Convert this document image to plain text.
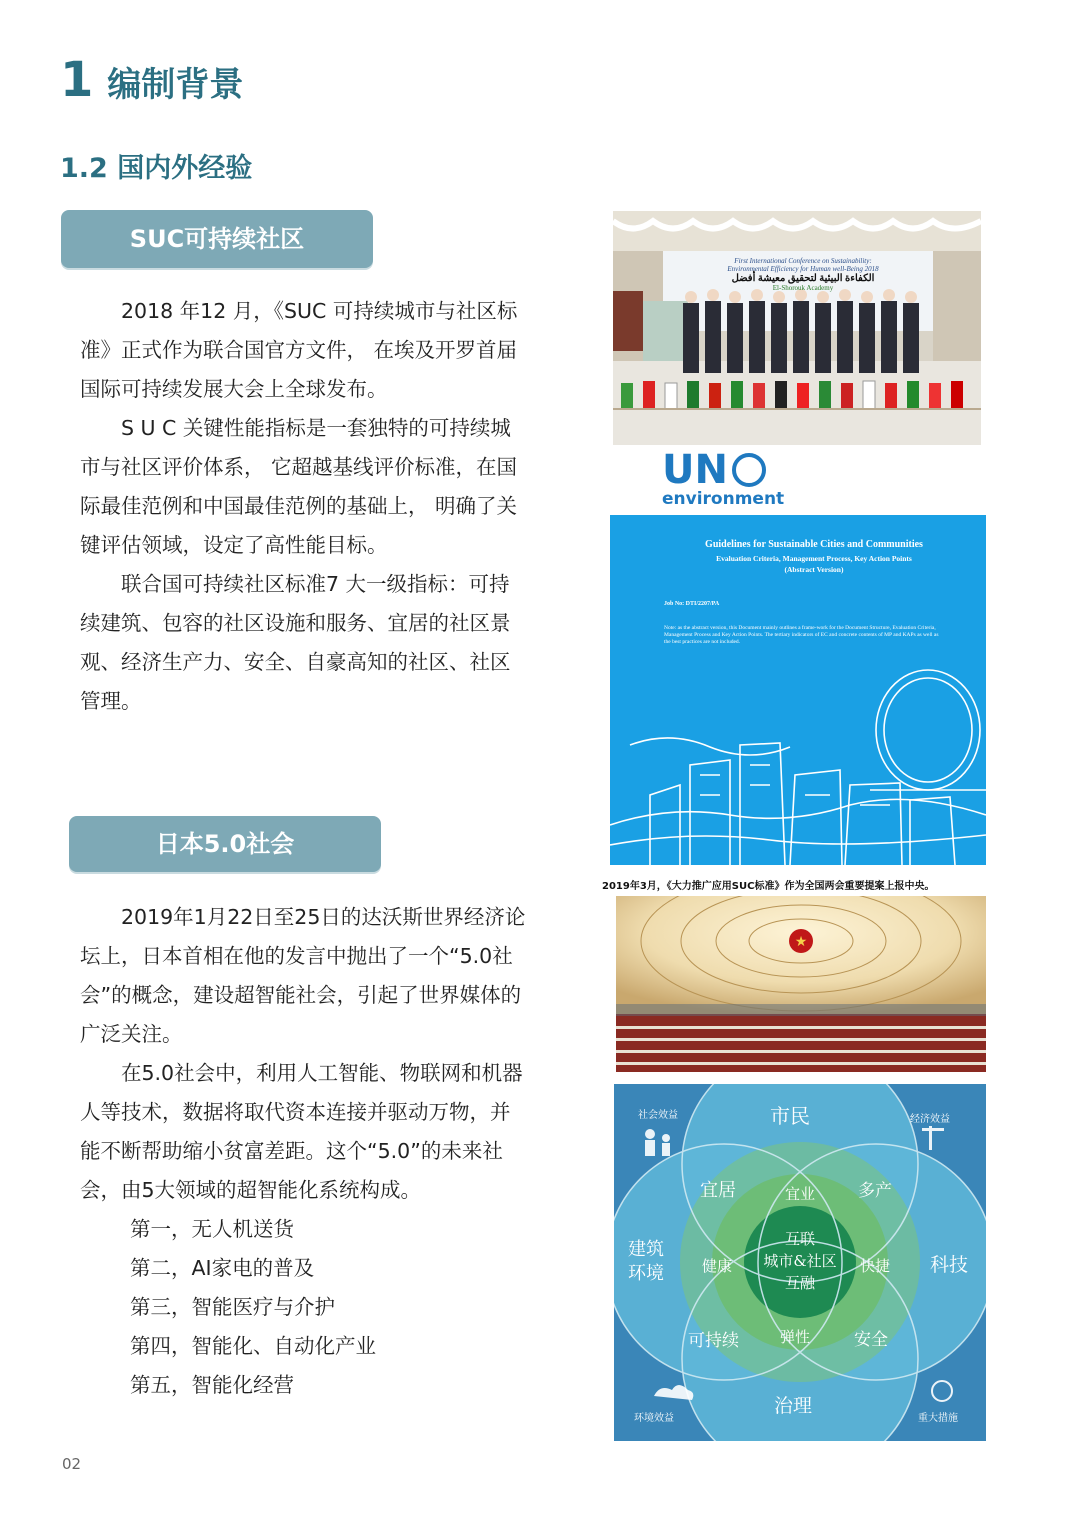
1 编制背景
1.2 国内外经验
SUC可持续社区

2018 年12 月，《SUC 可持续城市与社区标准》正式作为联合国官方文件， 在埃及开罗首届国际可持续发展大会上全球发布。

S U C 关键性能指标是一套独特的可持续城市与社区评价体系， 它超越基线评价标准，在国际最佳范例和中国最佳范例的基础上， 明确了关键评估领域，设定了高性能目标。

联合国可持续社区标准7 大一级指标：可持续建筑、包容的社区设施和服务、宜居的社区景观、经济生产力、安全、自豪高知的社区、社区管理。

日本5.0社会

2019年1月22日至25日的达沃斯世界经济论坛上，日本首相在他的发言中抛出了一个“5.0社会”的概念，建设超智能社会，引起了世界媒体的广泛关注。

在5.0社会中，利用人工智能、物联网和机器人等技术，数据将取代资本连接并驱动万物，并能不断帮助缩小贫富差距。这个“5.0”的未来社会，由5大领域的超智能化系统构成。

第一，无人机送货
第二，AI家电的普及
第三，智能医疗与介护
第四，智能化、自动化产业
第五，智能化经营
First International Conference on Sustainability:
Environmental Efficiency for Human well-Being 2018
الكفاءة البيئية لتحقيق معيشة أفضل
El-Shorouk Academy
UN
environment
Guidelines for Sustainable Cities and Communities
Evaluation Criteria, Management Process, Key Action Points
(Abstract Version)
Job No: DTI/2207/PA
Note: as the abstract version, this Document mainly outlines a frame-work for the Document Structure, Evaluation Criteria, Management Process and Key Action Points. The tertiary indicators of EC and concrete contents of MP and KAPs as well as the best practices are not included.
2019年3月，《大力推广应用SUC标准》作为全国两会重要提案上报中央。
★
市民
建筑
环境	科技
治理
宜居	多产
可持续	安全
宜业
健康	快捷
弹性
互联
城市&社区
互融
社会效益	经济效益
环境效益	重大措施
02
